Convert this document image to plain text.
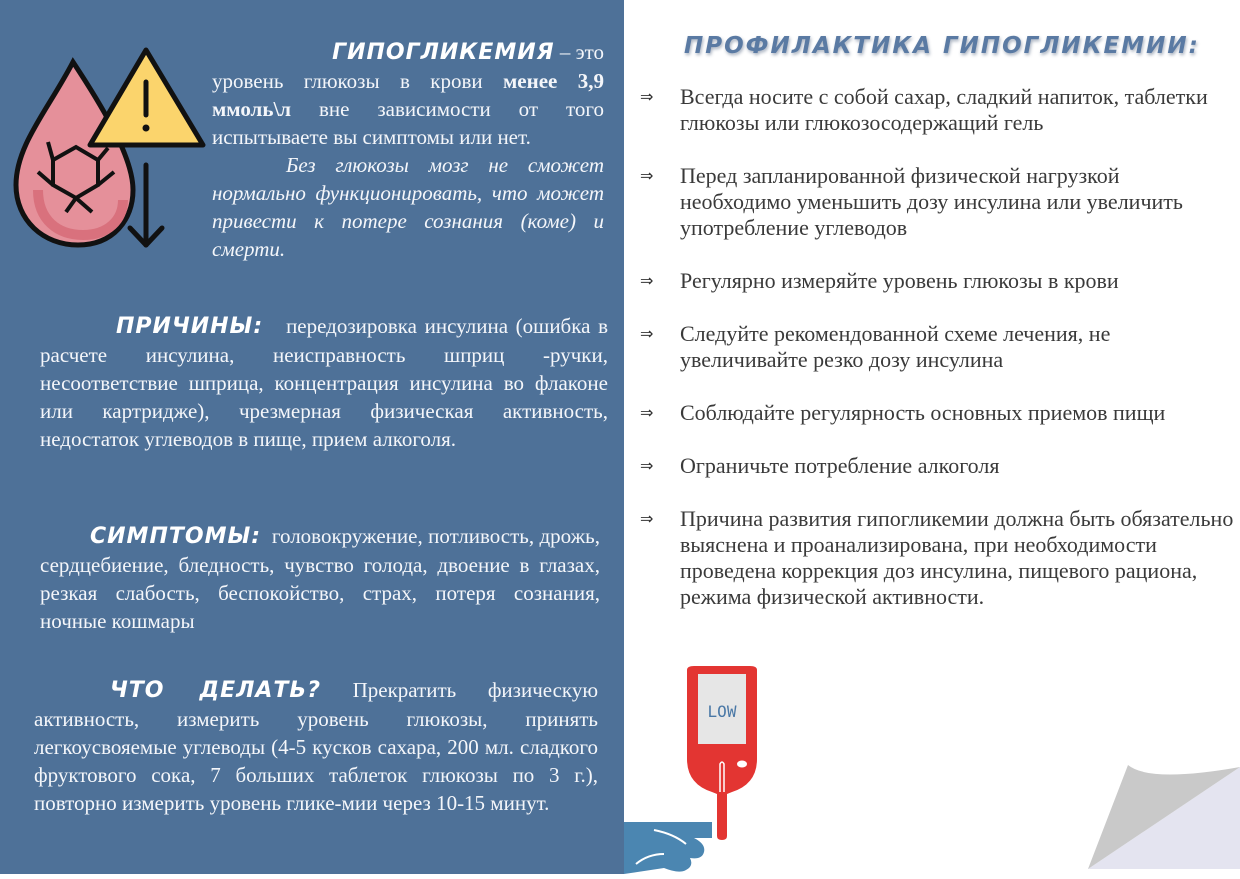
ГИПОГЛИКЕМИЯ – это
уровень глюкозы в крови менее 3,9 ммоль\л вне зависимости от того испытываете вы симптомы или нет.
Без глюкозы мозг не сможет нормально функционировать, что может привести к потере сознания (коме) и смерти.
ПРИЧИНЫ: передозировка инсулина (ошибка в расчете инсулина, неисправность шприц -ручки, несоответствие шприца, концентрация инсулина во флаконе или картридже), чрезмерная физическая активность, недостаток углеводов в пище, прием алкоголя.
СИМПТОМЫ: головокружение, потливость, дрожь, сердцебиение, бледность, чувство голода, двоение в глазах, резкая слабость, беспокойство, страх, потеря сознания, ночные кошмары
ЧТО ДЕЛАТЬ? Прекратить физическую активность, измерить уровень глюкозы, принять легкоусвояемые углеводы (4-5 кусков сахара, 200 мл. сладкого фруктового сока, 7 больших таблеток глюкозы по 3 г.), повторно измерить уровень глике-мии через 10-15 минут.
ПРОФИЛАКТИКА ГИПОГЛИКЕМИИ:
⇒	Всегда носите с собой сахар, сладкий напиток, таблетки глюкозы или глюкозосодержащий гель
⇒	Перед запланированной физической нагрузкой необходимо уменьшить дозу инсулина или увеличить употребление углеводов
⇒	Регулярно измеряйте уровень глюкозы в крови
⇒	Следуйте рекомендованной схеме лечения, не увеличивайте резко дозу инсулина
⇒	Соблюдайте регулярность основных приемов пищи
⇒	Ограничьте потребление алкоголя
⇒	Причина развития гипогликемии должна быть обязательно выяснена и проанализирована, при необходимости проведена коррекция доз инсулина, пищевого рациона, режима физической активности.
LOW
